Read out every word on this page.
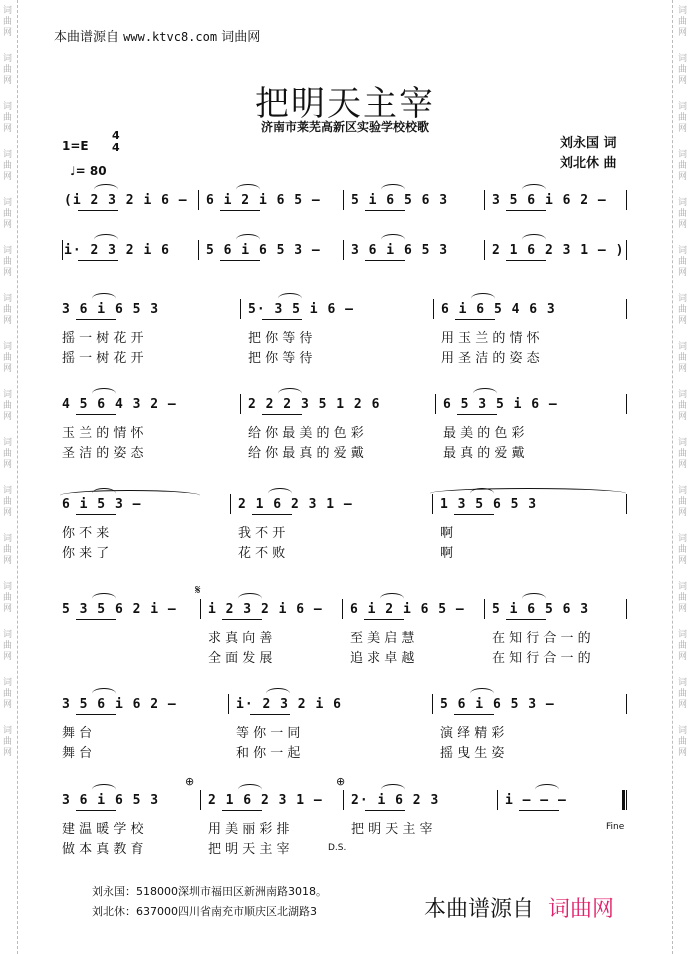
词
曲
网
词
曲
网
词
曲
网
词
曲
网
词
曲
网
词
曲
网
词
曲
网
词
曲
网
词
曲
网
词
曲
网
词
曲
网
词
曲
网
词
曲
网
词
曲
网
词
曲
网
词
曲
网
词
曲
网
词
曲
网
词
曲
网
词
曲
网
词
曲
网
词
曲
网
词
曲
网
词
曲
网
词
曲
网
词
曲
网
词
曲
网
词
曲
网
词
曲
网
词
曲
网
词
曲
网
词
曲
网
本曲谱源自 www.ktvc8.com 词曲网
把明天主宰
济南市莱芜高新区实验学校校歌
刘永国 词
刘北休 曲
1=E
4
4
♩= 80
(i 2 3 2 i 6 – 6 i 2 i 6 5 – 5 i 6 5 6 3	3 5 6 i 6 2 –
i· 2 3 2 i 6	5 6 i 6 5 3 – 3 6 i 6 5 3	2 1 6 2 3 1 – )
3 6 i 6 5 3
摇 一 树 花 开
摇 一 树 花 开
5· 3 5 i 6 –
把 你 等 待
把 你 等 待
6 i 6 5 4 6 3
用 玉 兰 的 情 怀
用 圣 洁 的 姿 态
4 5 6 4 3 2 –
玉 兰 的 情 怀
圣 洁 的 姿 态
2 2 2 3 5 1 2 6
给 你 最 美 的 色 彩
给 你 最 真 的 爱 戴
6 5 3 5 i 6 –
最 美 的 色 彩
最 真 的 爱 戴
6 i 5 3 –
你 不 来
你 来 了
2 1 6 2 3 1 –
我 不 开
花 不 败
1 3 5 6 5 3
啊
啊
5 3 5 6 2 i – i 2 3 2 i 6 –
求 真 向 善
全 面 发 展
6 i 2 i 6 5 –
至 美 启 慧
追 求 卓 越
5 i 6 5 6 3
在 知 行 合 一 的
在 知 行 合 一 的
3 5 6 i 6 2 –
舞 台
舞 台
i· 2 3 2 i 6
等 你 一 同
和 你 一 起
5 6 i 6 5 3 –
演 绎 精 彩
摇 曳 生 姿
3 6 i 6 5 3
建 温 暖 学 校
做 本 真 教 育
2 1 6 2 3 1 –
用 美 丽 彩 排
把 明 天 主 宰
2· i 6 2 3
把 明 天 主 宰
i – – –
Fine
D.S.
𝄋
⊕	⊕
刘永国：518000深圳市福田区新洲南路3018。
刘北休：637000四川省南充市顺庆区北湖路3	本曲谱源自 词曲网
